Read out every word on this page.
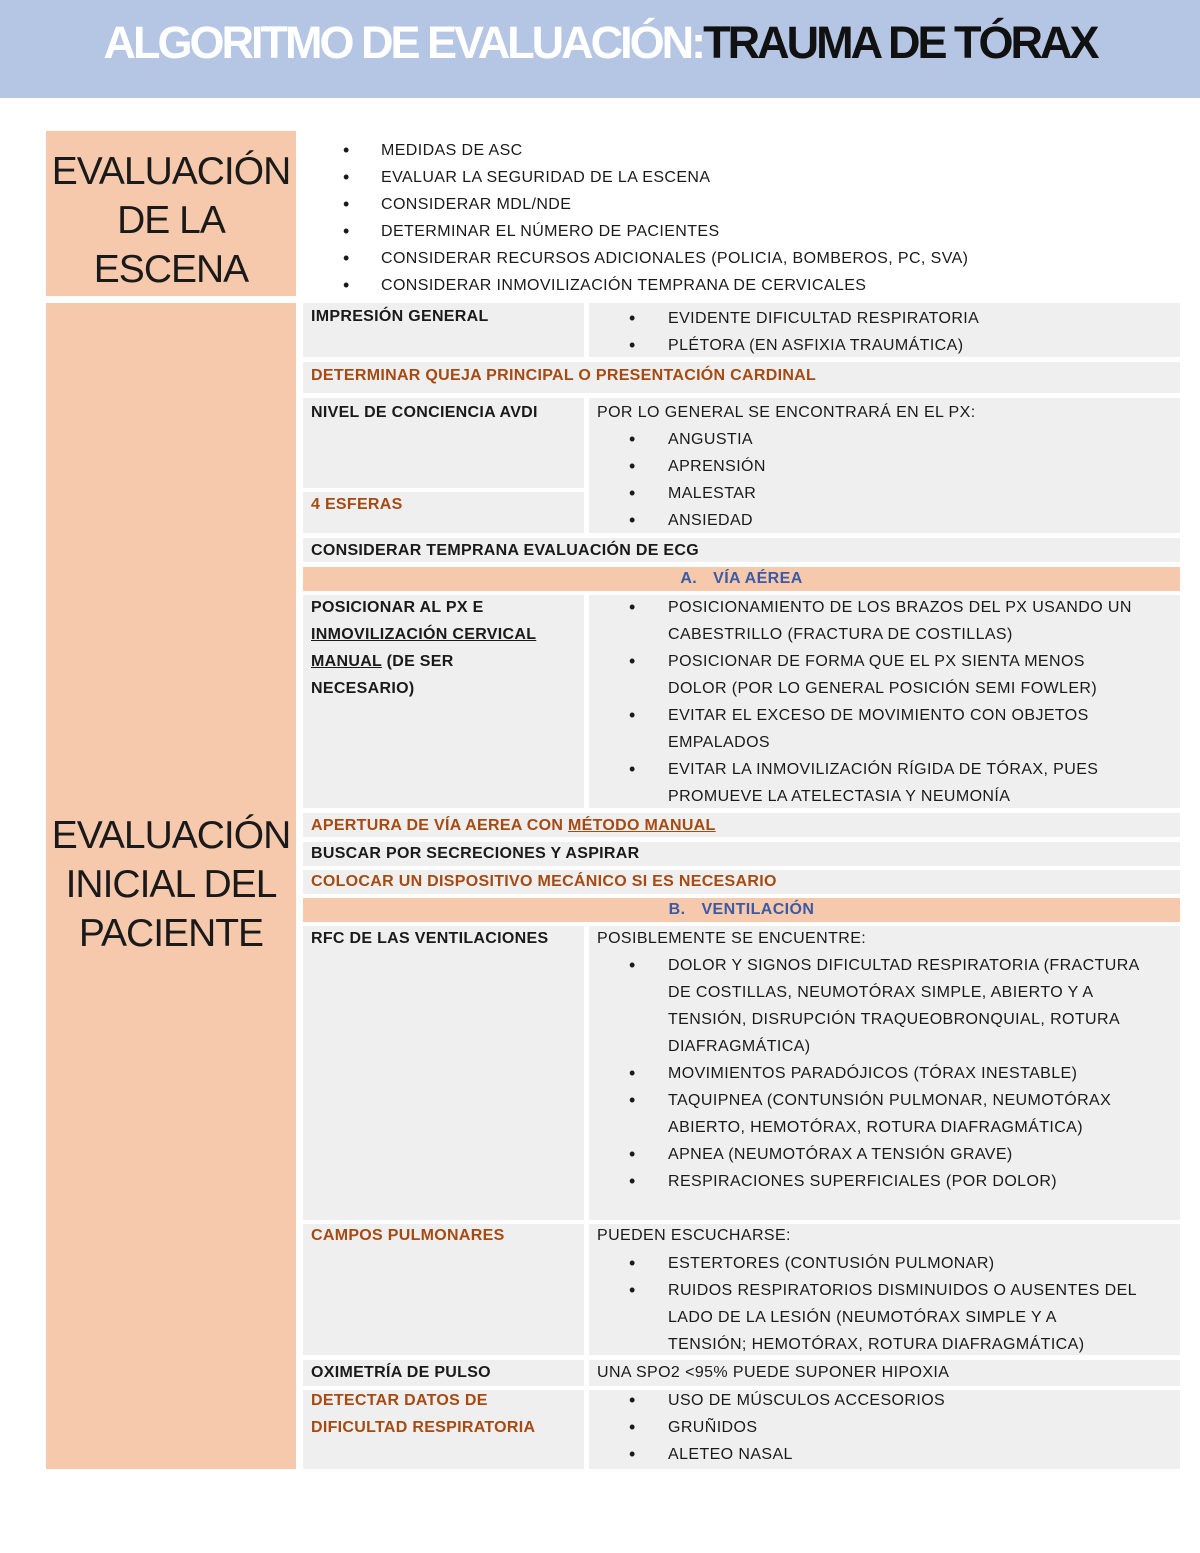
ALGORITMO DE EVALUACIÓN:TRAUMA DE TÓRAX
EVALUACIÓN
DE LA
ESCENA
• MEDIDAS DE ASC
• EVALUAR LA SEGURIDAD DE LA ESCENA
• CONSIDERAR MDL/NDE
• DETERMINAR EL NÚMERO DE PACIENTES
• CONSIDERAR RECURSOS ADICIONALES (POLICIA, BOMBEROS, PC, SVA)
• CONSIDERAR INMOVILIZACIÓN TEMPRANA DE CERVICALES
EVALUACIÓN
INICIAL DEL
PACIENTE
IMPRESIÓN GENERAL
•	EVIDENTE DIFICULTAD RESPIRATORIA
• PLÉTORA (EN ASFIXIA TRAUMÁTICA)
DETERMINAR QUEJA PRINCIPAL O PRESENTACIÓN CARDINAL
NIVEL DE CONCIENCIA AVDI
4 ESFERAS
POR LO GENERAL SE ENCONTRARÁ EN EL PX:
• ANGUSTIA
• APRENSIÓN
• MALESTAR
• ANSIEDAD
CONSIDERAR TEMPRANA EVALUACIÓN DE ECG
A. VÍA AÉREA
POSICIONAR AL PX E
INMOVILIZACIÓN CERVICAL
MANUAL (DE SER
NECESARIO)
• POSICIONAMIENTO DE LOS BRAZOS DEL PX USANDO UN
CABESTRILLO (FRACTURA DE COSTILLAS)
• POSICIONAR DE FORMA QUE EL PX SIENTA MENOS
DOLOR (POR LO GENERAL POSICIÓN SEMI FOWLER)
• EVITAR EL EXCESO DE MOVIMIENTO CON OBJETOS
EMPALADOS
• EVITAR LA INMOVILIZACIÓN RÍGIDA DE TÓRAX, PUES
PROMUEVE LA ATELECTASIA Y NEUMONÍA
APERTURA DE VÍA AEREA CON MÉTODO MANUAL
BUSCAR POR SECRECIONES Y ASPIRAR
COLOCAR UN DISPOSITIVO MECÁNICO SI ES NECESARIO
B. VENTILACIÓN
RFC DE LAS VENTILACIONES	POSIBLEMENTE SE ENCUENTRE:
• DOLOR Y SIGNOS DIFICULTAD RESPIRATORIA (FRACTURA
DE COSTILLAS, NEUMOTÓRAX SIMPLE, ABIERTO Y A
TENSIÓN, DISRUPCIÓN TRAQUEOBRONQUIAL, ROTURA
DIAFRAGMÁTICA)
• MOVIMIENTOS PARADÓJICOS (TÓRAX INESTABLE)
• TAQUIPNEA (CONTUNSIÓN PULMONAR, NEUMOTÓRAX
ABIERTO, HEMOTÓRAX, ROTURA DIAFRAGMÁTICA)
• APNEA (NEUMOTÓRAX A TENSIÓN GRAVE)
• RESPIRACIONES SUPERFICIALES (POR DOLOR)
CAMPOS PULMONARES	PUEDEN ESCUCHARSE:
• ESTERTORES (CONTUSIÓN PULMONAR)
• RUIDOS RESPIRATORIOS DISMINUIDOS O AUSENTES DEL
LADO DE LA LESIÓN (NEUMOTÓRAX SIMPLE Y A
TENSIÓN; HEMOTÓRAX, ROTURA DIAFRAGMÁTICA)
OXIMETRÍA DE PULSO	UNA SPO2 <95% PUEDE SUPONER HIPOXIA
DETECTAR DATOS DE
DIFICULTAD RESPIRATORIA
• USO DE MÚSCULOS ACCESORIOS
• GRUÑIDOS
• ALETEO NASAL
